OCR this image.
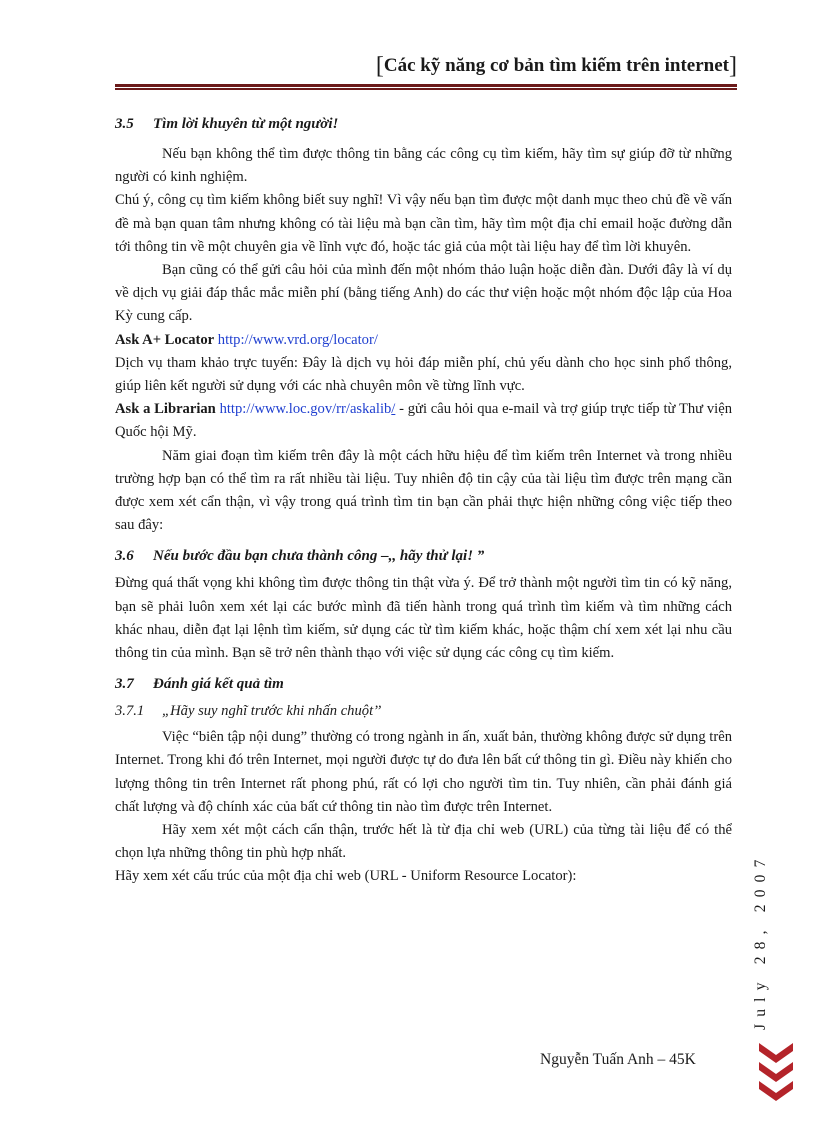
[Các kỹ năng cơ bản tìm kiếm trên internet]
3.5 Tìm lời khuyên từ một người!

Nếu bạn không thể tìm được thông tin bằng các công cụ tìm kiếm, hãy tìm sự giúp đỡ từ những người có kinh nghiệm.

Chú ý, công cụ tìm kiếm không biết suy nghĩ! Vì vậy nếu bạn tìm được một danh mục theo chủ đề về vấn đề mà bạn quan tâm nhưng không có tài liệu mà bạn cần tìm, hãy tìm một địa chỉ email hoặc đường dẫn tới thông tin về một chuyên gia về lĩnh vực đó, hoặc tác giả của một tài liệu hay để tìm lời khuyên.

Bạn cũng có thể gửi câu hỏi của mình đến một nhóm thảo luận hoặc diễn đàn. Dưới đây là ví dụ về dịch vụ giải đáp thắc mắc miễn phí (bằng tiếng Anh) do các thư viện hoặc một nhóm độc lập của Hoa Kỳ cung cấp.

Ask A+ Locator http://www.vrd.org/locator/

Dịch vụ tham khảo trực tuyến: Đây là dịch vụ hỏi đáp miễn phí, chủ yếu dành cho học sinh phổ thông, giúp liên kết người sử dụng với các nhà chuyên môn về từng lĩnh vực.

Ask a Librarian http://www.loc.gov/rr/askalib/ - gửi câu hỏi qua e-mail và trợ giúp trực tiếp từ Thư viện Quốc hội Mỹ.

Năm giai đoạn tìm kiếm trên đây là một cách hữu hiệu để tìm kiếm trên Internet và trong nhiều trường hợp bạn có thể tìm ra rất nhiều tài liệu. Tuy nhiên độ tin cậy của tài liệu tìm được trên mạng cần được xem xét cẩn thận, vì vậy trong quá trình tìm tin bạn cần phải thực hiện những công việc tiếp theo sau đây:

3.6 Nếu bước đầu bạn chưa thành công –,, hãy thử lại! ”

Đừng quá thất vọng khi không tìm được thông tin thật vừa ý. Để trở thành một người tìm tin có kỹ năng, bạn sẽ phải luôn xem xét lại các bước mình đã tiến hành trong quá trình tìm kiếm và tìm những cách khác nhau, diễn đạt lại lệnh tìm kiếm, sử dụng các từ tìm kiếm khác, hoặc thậm chí xem xét lại nhu cầu thông tin của mình. Bạn sẽ trở nên thành thạo với việc sử dụng các công cụ tìm kiếm.

3.7 Đánh giá kết quả tìm
3.7.1 „Hãy suy nghĩ trước khi nhấn chuột’’

Việc “biên tập nội dung” thường có trong ngành in ấn, xuất bản, thường không được sử dụng trên Internet. Trong khi đó trên Internet, mọi người được tự do đưa lên bất cứ thông tin gì. Điều này khiến cho lượng thông tin trên Internet rất phong phú, rất có lợi cho người tìm tin. Tuy nhiên, cần phải đánh giá chất lượng và độ chính xác của bất cứ thông tin nào tìm được trên Internet.

Hãy xem xét một cách cẩn thận, trước hết là từ địa chỉ web (URL) của từng tài liệu để có thể chọn lựa những thông tin phù hợp nhất.

Hãy xem xét cấu trúc của một địa chỉ web (URL - Uniform Resource Locator):	July 28, 2007
Nguyễn Tuấn Anh – 45K
